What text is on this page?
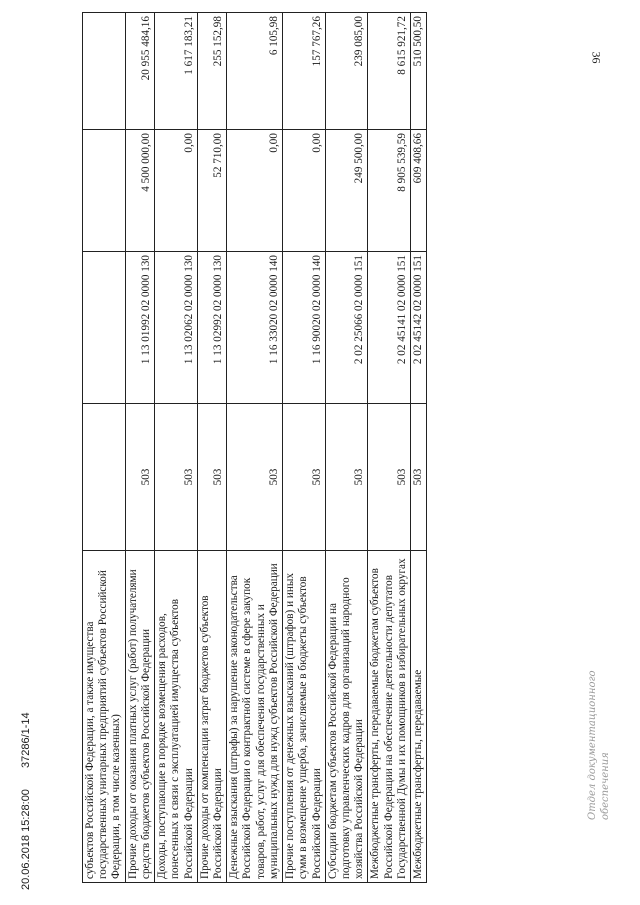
36
субъектов Российской Федерации, а также имущества государственных унитарных предприятий субъектов Российской Федерации, в том числе казенных)				
Прочие доходы от оказания платных услуг (работ) получателями средств бюджетов субъектов Российской Федерации	503	1 13 01992 02 0000 130	4 500 000,00	20 955 484,16
Доходы, поступающие в порядке возмещения расходов, понесенных в связи с эксплуатацией имущества субъектов Российской Федерации	503	1 13 02062 02 0000 130	0,00	1 617 183,21
Прочие доходы от компенсации затрат бюджетов субъектов Российской Федерации	503	1 13 02992 02 0000 130	52 710,00	255 152,98
Денежные взыскания (штрафы) за нарушение законодательства Российской Федерации о контрактной системе в сфере закупок товаров, работ, услуг для обеспечения государственных и муниципальных нужд для нужд субъектов Российской Федерации	503	1 16 33020 02 0000 140	0,00	6 105,98
Прочие поступления от денежных взысканий (штрафов) и иных сумм в возмещение ущерба, зачисляемые в бюджеты субъектов Российской Федерации	503	1 16 90020 02 0000 140	0,00	157 767,26
Субсидии бюджетам субъектов Российской Федерации на подготовку управленческих кадров для организаций народного хозяйства Российской Федерации	503	2 02 25066 02 0000 151	249 500,00	239 085,00
Межбюджетные трансферты, передаваемые бюджетам субъектов Российской Федерации на обеспечение деятельности депутатов Государственной Думы и их помощников в избирательных округах	503	2 02 45141 02 0000 151	8 905 539,59	8 615 921,72
Межбюджетные трансферты, передаваемые	503	2 02 45142 02 0000 151	609 408,66	510 500,50
20.06.2018 15:28:00 37286/1-14	Отдел документационного обеспечения
